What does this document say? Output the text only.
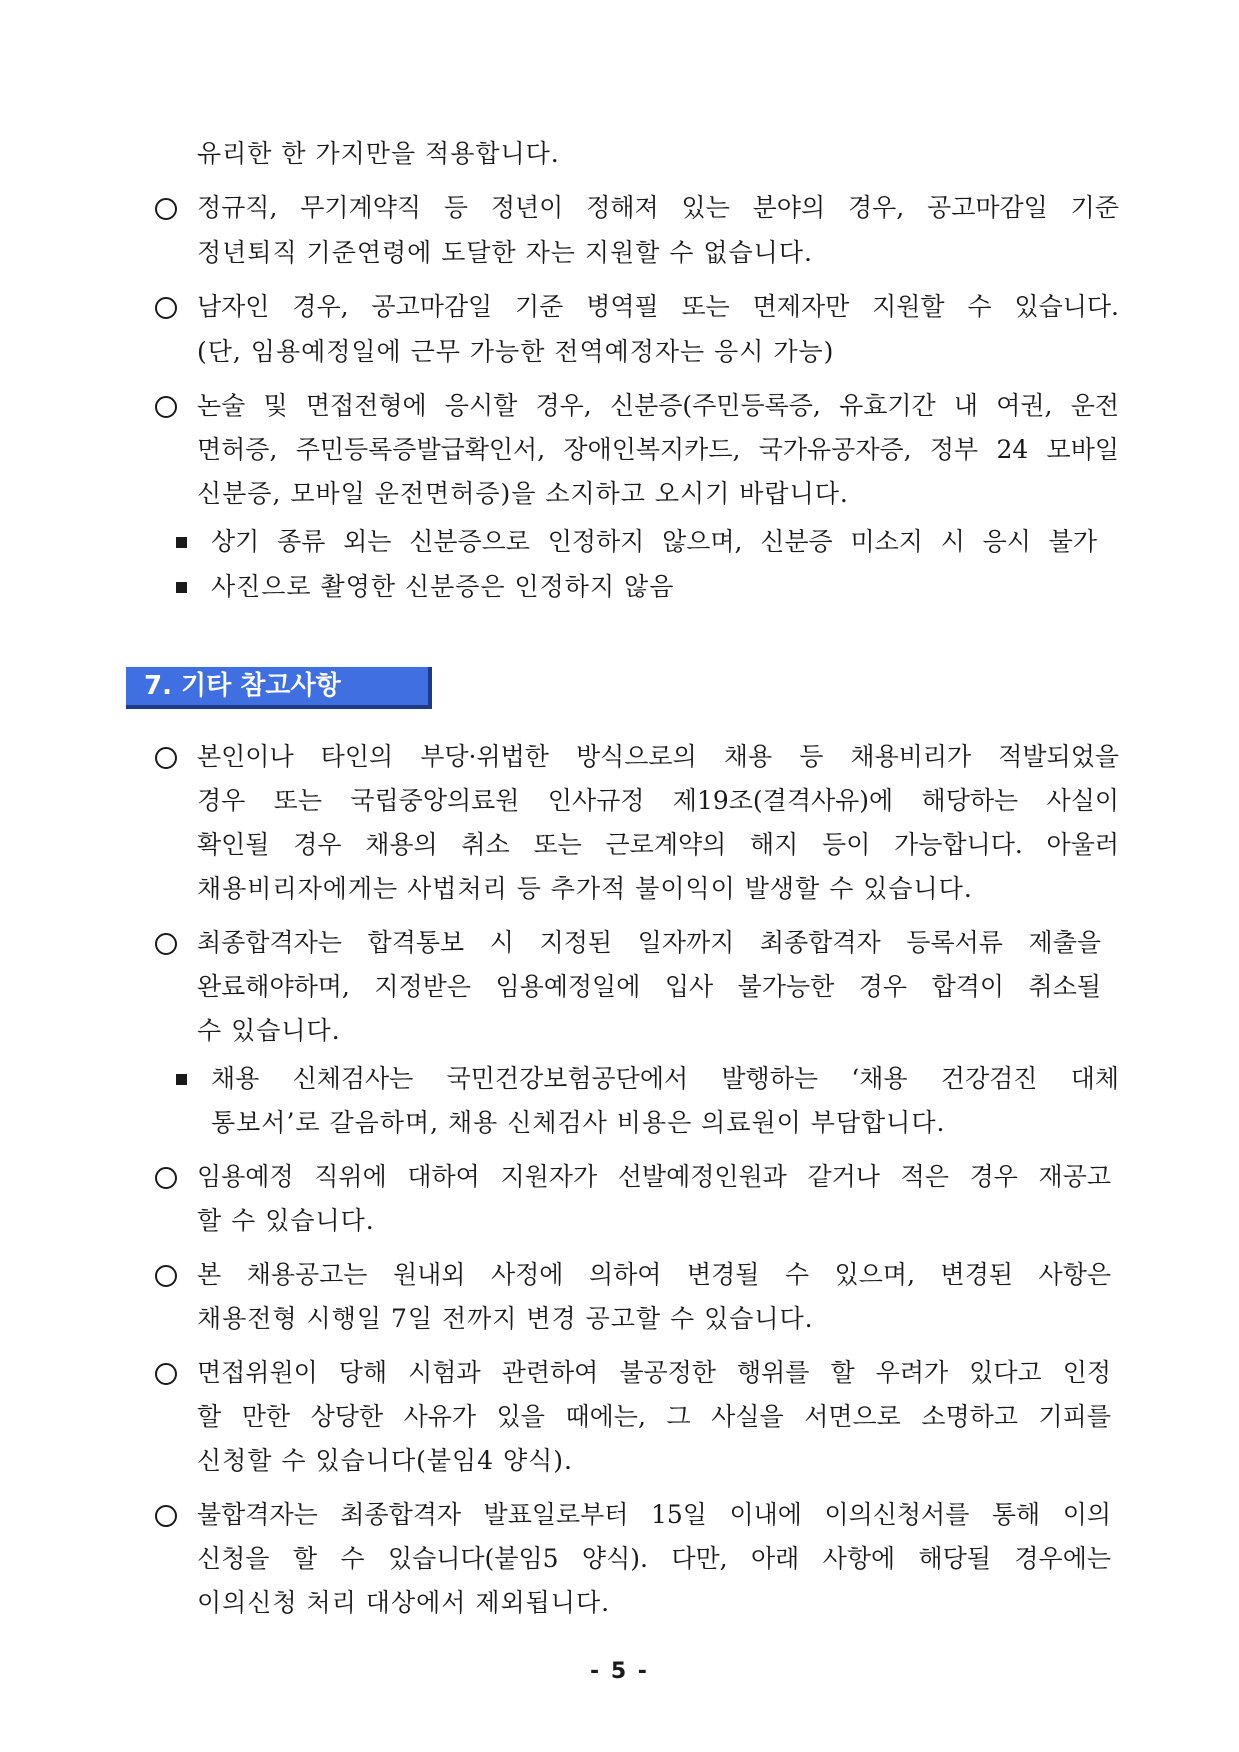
유리한 한 가지만을 적용합니다.
정규직, 무기계약직 등 정년이 정해져 있는 분야의 경우, 공고마감일 기준
정년퇴직 기준연령에 도달한 자는 지원할 수 없습니다.
남자인 경우, 공고마감일 기준 병역필 또는 면제자만 지원할 수 있습니다.
(단, 임용예정일에 근무 가능한 전역예정자는 응시 가능)
논술 및 면접전형에 응시할 경우, 신분증(주민등록증, 유효기간 내 여권, 운전
면허증, 주민등록증발급확인서, 장애인복지카드, 국가유공자증, 정부 24 모바일
신분증, 모바일 운전면허증)을 소지하고 오시기 바랍니다.
상기 종류 외는 신분증으로 인정하지 않으며, 신분증 미소지 시 응시 불가
사진으로 촬영한 신분증은 인정하지 않음
7. 기타 참고사항
본인이나 타인의 부당·위법한 방식으로의 채용 등 채용비리가 적발되었을
경우 또는 국립중앙의료원 인사규정 제19조(결격사유)에 해당하는 사실이
확인될 경우 채용의 취소 또는 근로계약의 해지 등이 가능합니다. 아울러
채용비리자에게는 사법처리 등 추가적 불이익이 발생할 수 있습니다.
최종합격자는 합격통보 시 지정된 일자까지 최종합격자 등록서류 제출을
완료해야하며, 지정받은 임용예정일에 입사 불가능한 경우 합격이 취소될
수 있습니다.
채용 신체검사는 국민건강보험공단에서 발행하는 ‘채용 건강검진 대체
통보서’로 갈음하며, 채용 신체검사 비용은 의료원이 부담합니다.
임용예정 직위에 대하여 지원자가 선발예정인원과 같거나 적은 경우 재공고
할 수 있습니다.
본 채용공고는 원내외 사정에 의하여 변경될 수 있으며, 변경된 사항은
채용전형 시행일 7일 전까지 변경 공고할 수 있습니다.
면접위원이 당해 시험과 관련하여 불공정한 행위를 할 우려가 있다고 인정
할 만한 상당한 사유가 있을 때에는, 그 사실을 서면으로 소명하고 기피를
신청할 수 있습니다(붙임4 양식).
불합격자는 최종합격자 발표일로부터 15일 이내에 이의신청서를 통해 이의
신청을 할 수 있습니다(붙임5 양식). 다만, 아래 사항에 해당될 경우에는
이의신청 처리 대상에서 제외됩니다.
- 5 -
